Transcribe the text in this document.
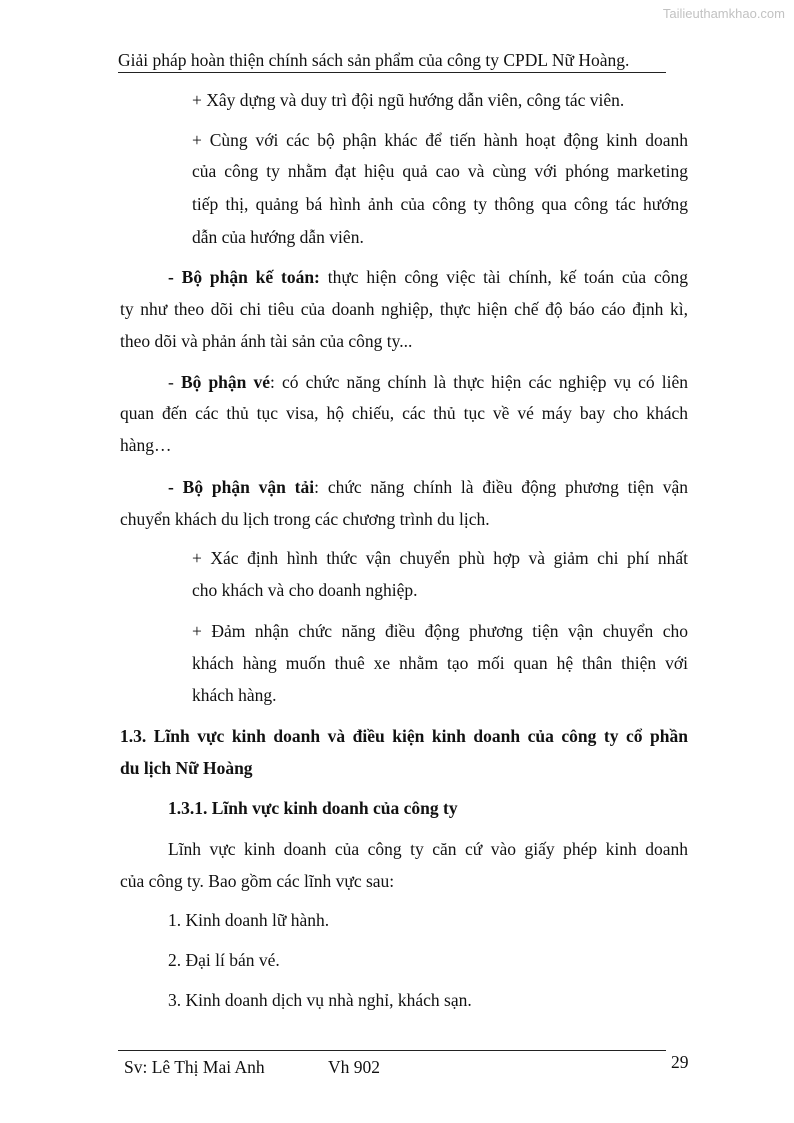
Tailieuthamkhao.com
Giải pháp hoàn thiện chính sách sản phẩm của công ty CPDL Nữ Hoàng.
+ Xây dựng và duy trì đội ngũ hướng dẫn viên, công tác viên.
+ Cùng với các bộ phận khác để tiến hành hoạt động kinh doanh
của công ty nhằm đạt hiệu quả cao và cùng với phóng marketing
tiếp thị, quảng bá hình ảnh của công ty thông qua công tác hướng
dẫn của hướng dẫn viên.
- Bộ phận kế toán: thực hiện công việc tài chính, kế toán của công
ty như theo dõi chi tiêu của doanh nghiệp, thực hiện chế độ báo cáo định kì,
theo dõi và phản ánh tài sản của công ty...
- Bộ phận vé: có chức năng chính là thực hiện các nghiệp vụ có liên
quan đến các thủ tục visa, hộ chiếu, các thủ tục về vé máy bay cho khách
hàng…
- Bộ phận vận tải: chức năng chính là điều động phương tiện vận
chuyển khách du lịch trong các chương trình du lịch.
+ Xác định hình thức vận chuyển phù hợp và giảm chi phí nhất
cho khách và cho doanh nghiệp.
+ Đảm nhận chức năng điều động phương tiện vận chuyển cho
khách hàng muốn thuê xe nhằm tạo mối quan hệ thân thiện với
khách hàng.
1.3. Lĩnh vực kinh doanh và điều kiện kinh doanh của công ty cổ phần
du lịch Nữ Hoàng
1.3.1. Lĩnh vực kinh doanh của công ty
Lĩnh vực kinh doanh của công ty căn cứ vào giấy phép kinh doanh
của công ty. Bao gồm các lĩnh vực sau:
1. Kinh doanh lữ hành.
2. Đại lí bán vé.
3. Kinh doanh dịch vụ nhà nghỉ, khách sạn.
Sv: Lê Thị Mai Anh	Vh 902	29
